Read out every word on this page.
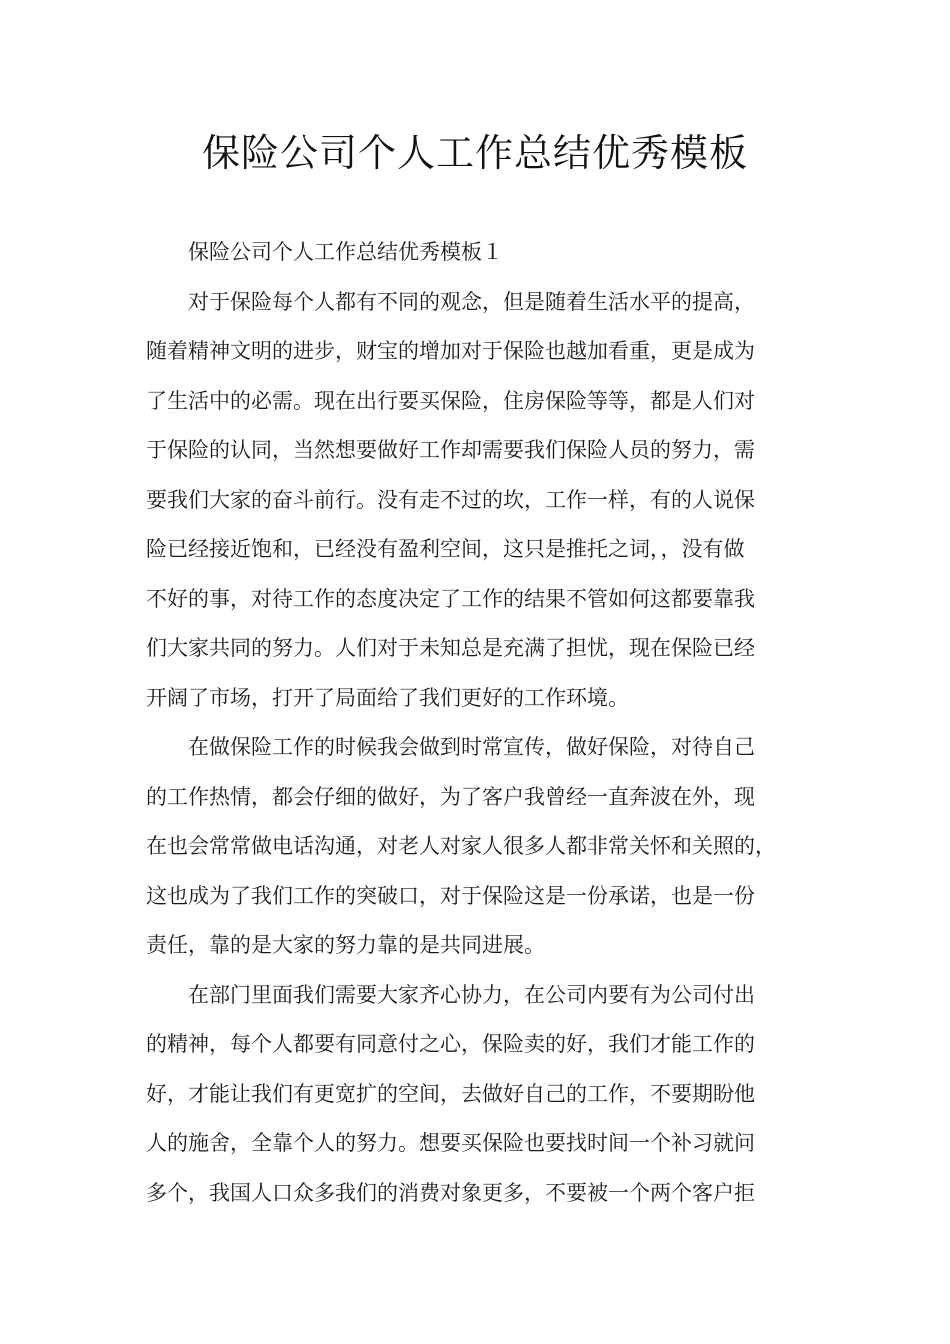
保险公司个人工作总结优秀模板
保险公司个人工作总结优秀模板１
对于保险每个人都有不同的观念，但是随着生活水平的提高，
随着精神文明的进步，财宝的增加对于保险也越加看重，更是成为
了生活中的必需。现在出行要买保险，住房保险等等，都是人们对
于保险的认同，当然想要做好工作却需要我们保险人员的努力，需
要我们大家的奋斗前行。没有走不过的坎，工作一样，有的人说保
险已经接近饱和，已经没有盈利空间，这只是推托之词，，没有做
不好的事，对待工作的态度决定了工作的结果不管如何这都要靠我
们大家共同的努力。人们对于未知总是充满了担忧，现在保险已经
开阔了市场，打开了局面给了我们更好的工作环境。
在做保险工作的时候我会做到时常宣传，做好保险，对待自己
的工作热情，都会仔细的做好，为了客户我曾经一直奔波在外，现
在也会常常做电话沟通，对老人对家人很多人都非常关怀和关照的，
这也成为了我们工作的突破口，对于保险这是一份承诺，也是一份
责任，靠的是大家的努力靠的是共同进展。
在部门里面我们需要大家齐心协力，在公司内要有为公司付出
的精神，每个人都要有同意付之心，保险卖的好，我们才能工作的
好，才能让我们有更宽扩的空间，去做好自己的工作，不要期盼他
人的施舍，全靠个人的努力。想要买保险也要找时间一个补习就问
多个，我国人口众多我们的消费对象更多，不要被一个两个客户拒
